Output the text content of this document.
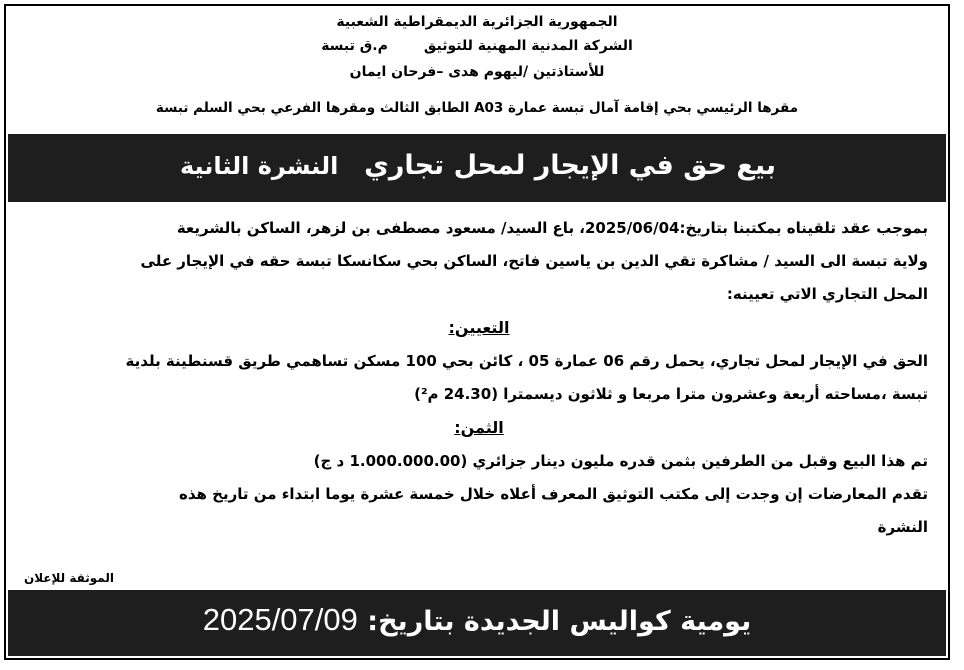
الجمهورية الجزائرية الديمقراطية الشعبية
الشركة المدنية المهنية للتوثيقم.ق تبسة
للأستاذتين /ليهوم هدى –فرحان ايمان
مقرها الرئيسي بحي إقامة آمال تبسة عمارة A03 الطابق الثالث ومقرها الفرعي بحي السلم تبسة
بيع حق في الإيجار لمحل تجاري
النشرة الثانية
بموجب عقد تلقيناه بمكتبنا بتاريخ:2025/06/04، باع السيد/ مسعود مصطفى بن لزهر، الساكن بالشريعة
ولاية تبسة الى السيد / مشاكرة تقي الدين بن ياسين فاتح، الساكن بحي سكانسكا تبسة حقه في الإيجار على
المحل التجاري الاتي تعيينه:
التعيين:
الحق في الإيجار لمحل تجاري، يحمل رقم 06 عمارة 05 ، كائن بحي 100 مسكن تساهمي طريق قسنطينة بلدية
تبسة ،مساحته أربعة وعشرون مترا مربعا و ثلاثون ديسمترا (24.30 م²)
الثمن:
تم هذا البيع وقبل من الطرفين بثمن قدره مليون دينار جزائري (1.000.000.00 د ج)
تقدم المعارضات إن وجدت إلى مكتب التوثيق المعرف أعلاه خلال خمسة عشرة يوما ابتداء من تاريخ هذه
النشرة
الموثقة للإعلان
يومية كواليس الجديدة بتاريخ: 2025/07/09
